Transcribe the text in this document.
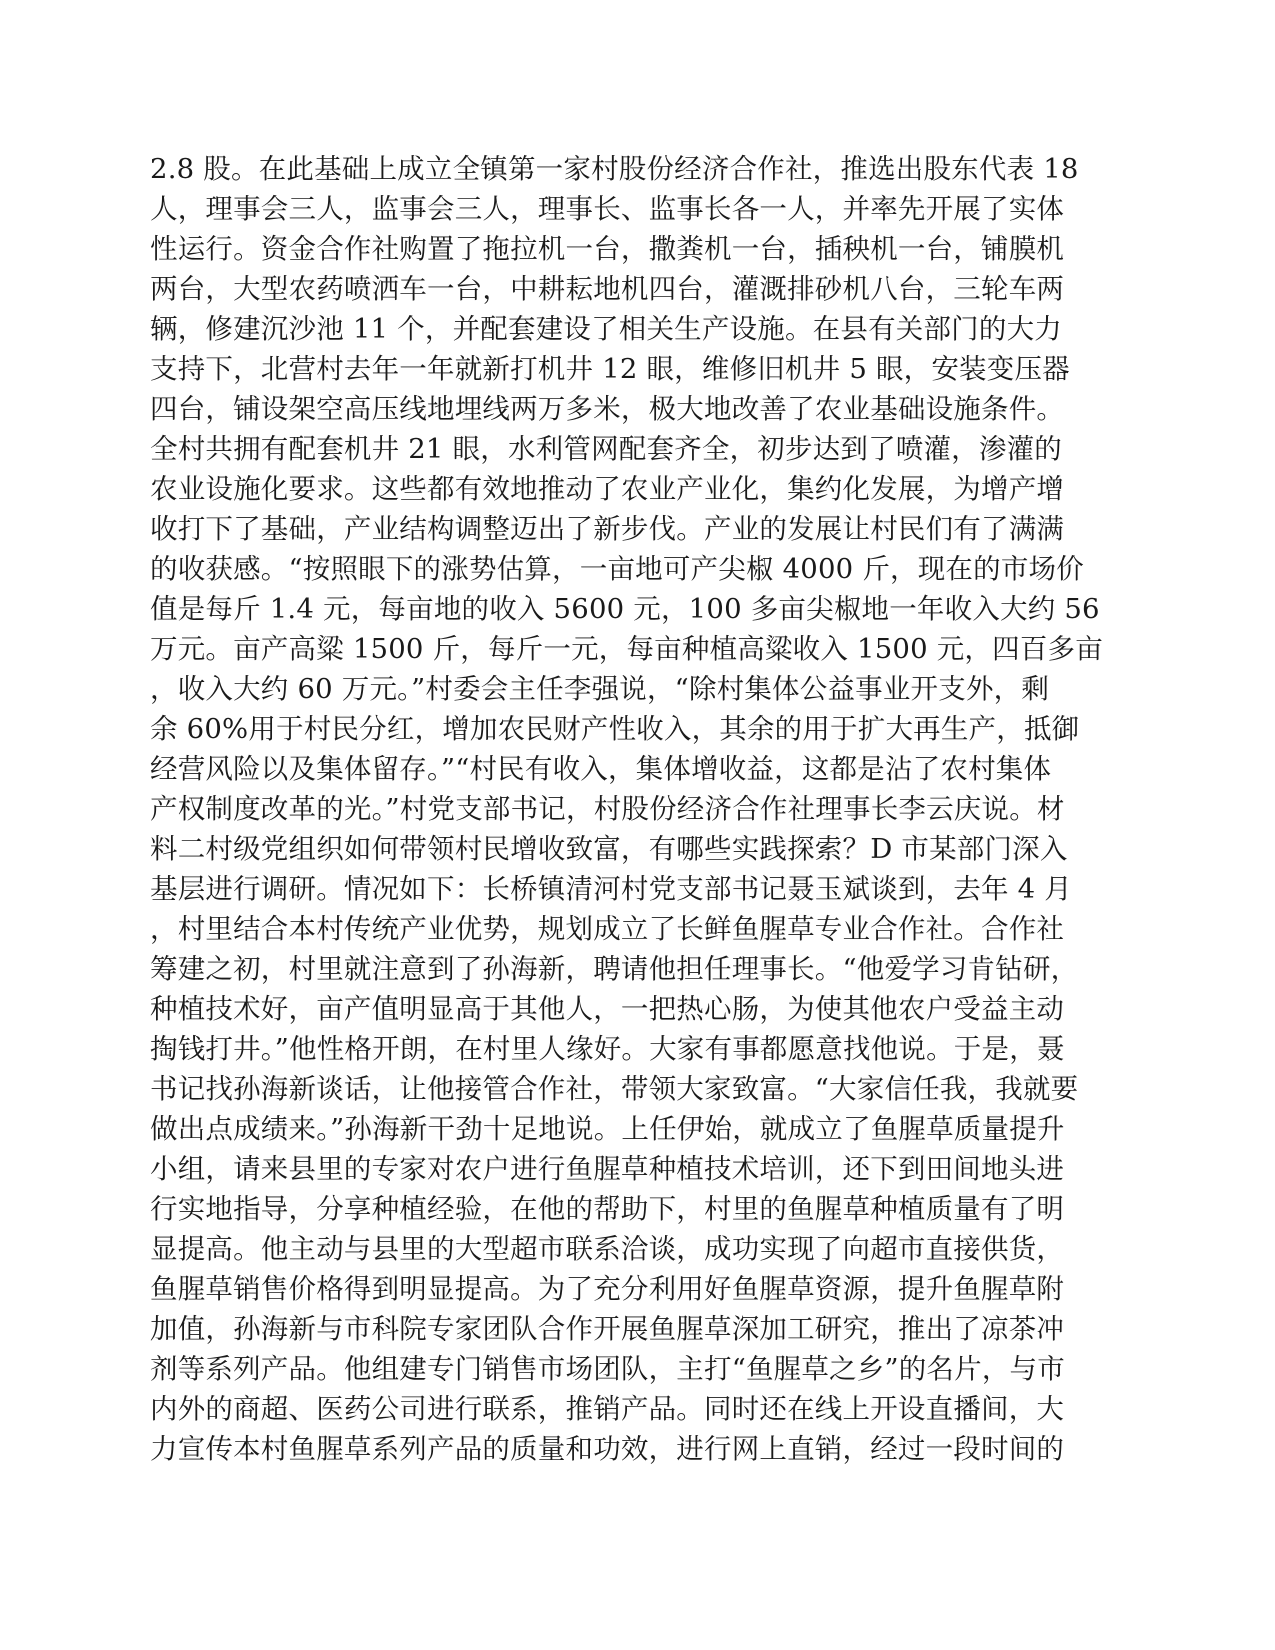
2.8 股。在此基础上成立全镇第一家村股份经济合作社，推选出股东代表 18
人，理事会三人，监事会三人，理事长、监事长各一人，并率先开展了实体
性运行。资金合作社购置了拖拉机一台，撒粪机一台，插秧机一台，铺膜机
两台，大型农药喷洒车一台，中耕耘地机四台，灌溉排砂机八台，三轮车两
辆，修建沉沙池 11 个，并配套建设了相关生产设施。在县有关部门的大力
支持下，北营村去年一年就新打机井 12 眼，维修旧机井 5 眼，安装变压器
四台，铺设架空高压线地埋线两万多米，极大地改善了农业基础设施条件。
全村共拥有配套机井 21 眼，水利管网配套齐全，初步达到了喷灌，渗灌的
农业设施化要求。这些都有效地推动了农业产业化，集约化发展，为增产增
收打下了基础，产业结构调整迈出了新步伐。产业的发展让村民们有了满满
的收获感。“按照眼下的涨势估算，一亩地可产尖椒 4000 斤，现在的市场价
值是每斤 1.4 元，每亩地的收入 5600 元，100 多亩尖椒地一年收入大约 56
万元。亩产高粱 1500 斤，每斤一元，每亩种植高粱收入 1500 元，四百多亩
，收入大约 60 万元。”村委会主任李强说，“除村集体公益事业开支外，剩
余 60%用于村民分红，增加农民财产性收入，其余的用于扩大再生产，抵御
经营风险以及集体留存。”“村民有收入，集体增收益，这都是沾了农村集体
产权制度改革的光。”村党支部书记，村股份经济合作社理事长李云庆说。材
料二村级党组织如何带领村民增收致富，有哪些实践探索？D 市某部门深入
基层进行调研。情况如下：长桥镇清河村党支部书记聂玉斌谈到，去年 4 月
，村里结合本村传统产业优势，规划成立了长鲜鱼腥草专业合作社。合作社
筹建之初，村里就注意到了孙海新，聘请他担任理事长。“他爱学习肯钻研，
种植技术好，亩产值明显高于其他人，一把热心肠，为使其他农户受益主动
掏钱打井。”他性格开朗，在村里人缘好。大家有事都愿意找他说。于是，聂
书记找孙海新谈话，让他接管合作社，带领大家致富。“大家信任我，我就要
做出点成绩来。”孙海新干劲十足地说。上任伊始，就成立了鱼腥草质量提升
小组，请来县里的专家对农户进行鱼腥草种植技术培训，还下到田间地头进
行实地指导，分享种植经验，在他的帮助下，村里的鱼腥草种植质量有了明
显提高。他主动与县里的大型超市联系洽谈，成功实现了向超市直接供货，
鱼腥草销售价格得到明显提高。为了充分利用好鱼腥草资源，提升鱼腥草附
加值，孙海新与市科院专家团队合作开展鱼腥草深加工研究，推出了凉茶冲
剂等系列产品。他组建专门销售市场团队，主打“鱼腥草之乡”的名片，与市
内外的商超、医药公司进行联系，推销产品。同时还在线上开设直播间，大
力宣传本村鱼腥草系列产品的质量和功效，进行网上直销，经过一段时间的
